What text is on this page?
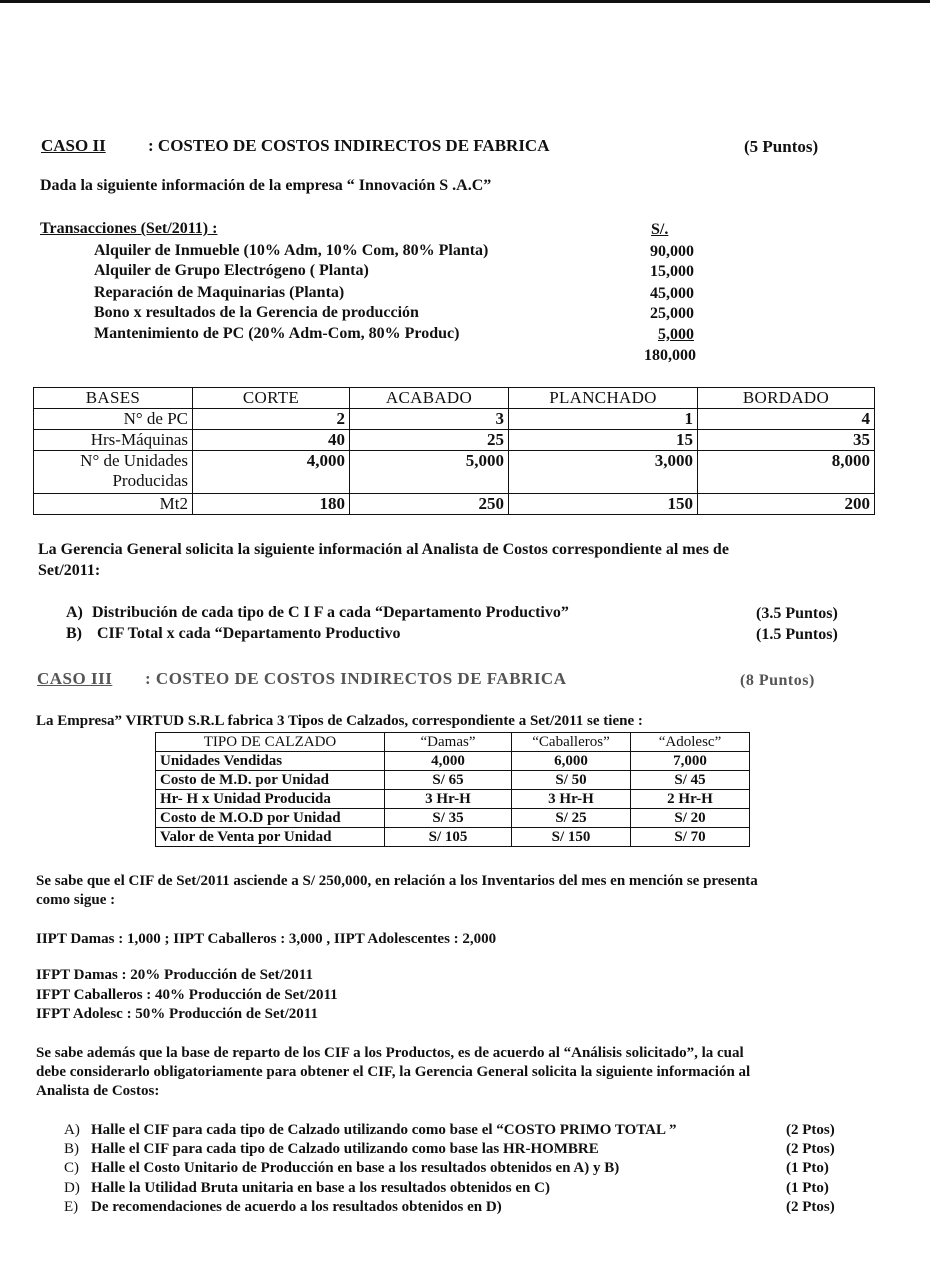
CASO II : COSTEO DE COSTOS INDIRECTOS DE FABRICA	(5 Puntos)
Dada la siguiente información de la empresa “ Innovación S .A.C”
Transacciones (Set/2011) :	S/.
Alquiler de Inmueble (10% Adm, 10% Com, 80% Planta)	90,000
Alquiler de Grupo Electrógeno ( Planta)	15,000
Reparación de Maquinarias (Planta)	45,000
Bono x resultados de la Gerencia de producción	25,000
Mantenimiento de PC (20% Adm-Com, 80% Produc)	5,000
180,000
BASES	CORTE	ACABADO	PLANCHADO	BORDADO
N° de PC	2	3	1	4
Hrs-Máquinas	40	25	15	35

N° de Unidades
Producidas	4,000	5,000	3,000	8,000
Mt2	180	250	150	200
La Gerencia General solicita la siguiente información al Analista de Costos correspondiente al mes de
Set/2011:
A) Distribución de cada tipo de C I F a cada “Departamento Productivo”	(3.5 Puntos)
B) CIF Total x cada “Departamento Productivo	(1.5 Puntos)
CASO III : COSTEO DE COSTOS INDIRECTOS DE FABRICA	(8 Puntos)
La Empresa” VIRTUD S.R.L fabrica 3 Tipos de Calzados, correspondiente a Set/2011 se tiene :
TIPO DE CALZADO	“Damas”	“Caballeros”	“Adolesc”
Unidades Vendidas	4,000	6,000	7,000
Costo de M.D. por Unidad	S/ 65	S/ 50	S/ 45
Hr- H x Unidad Producida	3 Hr-H	3 Hr-H	2 Hr-H
Costo de M.O.D por Unidad	S/ 35	S/ 25	S/ 20
Valor de Venta por Unidad	S/ 105	S/ 150	S/ 70
Se sabe que el CIF de Set/2011 asciende a S/ 250,000, en relación a los Inventarios del mes en mención se presenta
como sigue :
IIPT Damas : 1,000 ; IIPT Caballeros : 3,000 , IIPT Adolescentes : 2,000
IFPT Damas : 20% Producción de Set/2011
IFPT Caballeros : 40% Producción de Set/2011
IFPT Adolesc : 50% Producción de Set/2011
Se sabe además que la base de reparto de los CIF a los Productos, es de acuerdo al “Análisis solicitado”, la cual
debe considerarlo obligatoriamente para obtener el CIF, la Gerencia General solicita la siguiente información al
Analista de Costos:
A) Halle el CIF para cada tipo de Calzado utilizando como base el “COSTO PRIMO TOTAL ”	(2 Ptos)
B) Halle el CIF para cada tipo de Calzado utilizando como base las HR-HOMBRE	(2 Ptos)
C) Halle el Costo Unitario de Producción en base a los resultados obtenidos en A) y B)	(1 Pto)
D) Halle la Utilidad Bruta unitaria en base a los resultados obtenidos en C)	(1 Pto)
E) De recomendaciones de acuerdo a los resultados obtenidos en D)	(2 Ptos)
